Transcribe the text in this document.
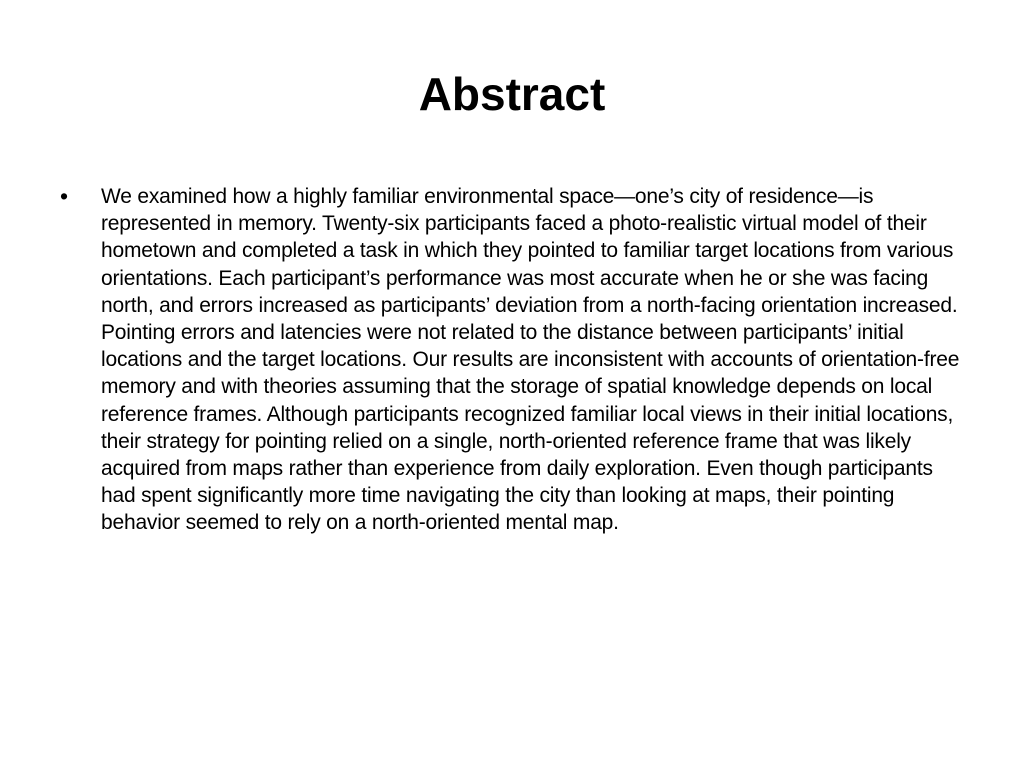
Abstract
• We examined how a highly familiar environmental space—one’s city of residence—is represented in memory. Twenty-six participants faced a photo-realistic virtual model of their hometown and completed a task in which they pointed to familiar target locations from various orientations. Each participant’s performance was most accurate when he or she was facing north, and errors increased as participants’ deviation from a north-facing orientation increased. Pointing errors and latencies were not related to the distance between participants’ initial locations and the target locations. Our results are inconsistent with accounts of orientation-free memory and with theories assuming that the storage of spatial knowledge depends on local reference frames. Although participants recognized familiar local views in their initial locations, their strategy for pointing relied on a single, north-oriented reference frame that was likely acquired from maps rather than experience from daily exploration. Even though participants had spent significantly more time navigating the city than looking at maps, their pointing behavior seemed to rely on a north-oriented mental map.
